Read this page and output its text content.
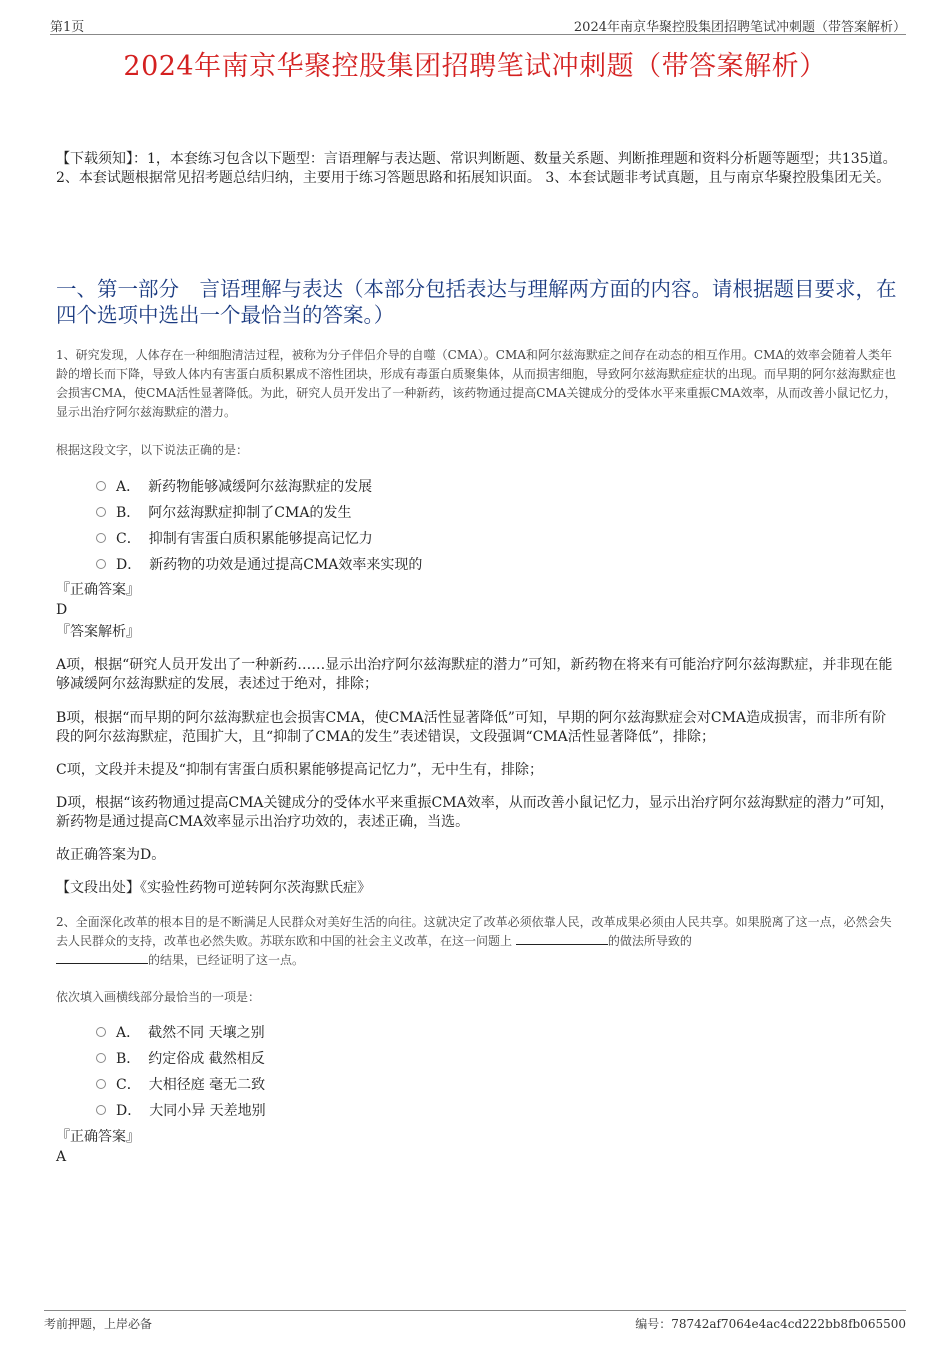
第1页	2024年南京华聚控股集团招聘笔试冲刺题（带答案解析）
2024年南京华聚控股集团招聘笔试冲刺题（带答案解析）
【下载须知】：1，本套练习包含以下题型：言语理解与表达题、常识判断题、数量关系题、判断推理题和资料分析题等题型；共135道。 2、本套试题根据常见招考题总结归纳，主要用于练习答题思路和拓展知识面。 3、本套试题非考试真题，且与南京华聚控股集团无关。
一、第一部分　言语理解与表达（本部分包括表达与理解两方面的内容。请根据题目要求，在四个选项中选出一个最恰当的答案。）
1、研究发现，人体存在一种细胞清洁过程，被称为分子伴侣介导的自噬（CMA）。CMA和阿尔兹海默症之间存在动态的相互作用。CMA的效率会随着人类年龄的增长而下降，导致人体内有害蛋白质积累成不溶性团块，形成有毒蛋白质聚集体，从而损害细胞，导致阿尔兹海默症症状的出现。而早期的阿尔兹海默症也会损害CMA，使CMA活性显著降低。为此，研究人员开发出了一种新药，该药物通过提高CMA关键成分的受体水平来重振CMA效率，从而改善小鼠记忆力，显示出治疗阿尔兹海默症的潜力。
根据这段文字，以下说法正确的是：
A． 新药物能够减缓阿尔兹海默症的发展
B． 阿尔兹海默症抑制了CMA的发生
C． 抑制有害蛋白质积累能够提高记忆力
D． 新药物的功效是通过提高CMA效率来实现的
『正确答案』
D
『答案解析』
A项，根据“研究人员开发出了一种新药……显示出治疗阿尔兹海默症的潜力”可知，新药物在将来有可能治疗阿尔兹海默症，并非现在能够减缓阿尔兹海默症的发展，表述过于绝对，排除；
B项，根据“而早期的阿尔兹海默症也会损害CMA，使CMA活性显著降低”可知，早期的阿尔兹海默症会对CMA造成损害，而非所有阶段的阿尔兹海默症，范围扩大，且“抑制了CMA的发生”表述错误，文段强调“CMA活性显著降低”，排除；
C项，文段并未提及“抑制有害蛋白质积累能够提高记忆力”，无中生有，排除；
D项，根据“该药物通过提高CMA关键成分的受体水平来重振CMA效率，从而改善小鼠记忆力，显示出治疗阿尔兹海默症的潜力”可知，新药物是通过提高CMA效率显示出治疗功效的，表述正确，当选。
故正确答案为D。
【文段出处】《实验性药物可逆转阿尔茨海默氏症》
2、全面深化改革的根本目的是不断满足人民群众对美好生活的向往。这就决定了改革必须依靠人民，改革成果必须由人民共享。如果脱离了这一点，必然会失去人民群众的支持，改革也必然失败。苏联东欧和中国的社会主义改革，在这一问题上	的做法所导致的
的结果，已经证明了这一点。
依次填入画横线部分最恰当的一项是：
A． 截然不同 天壤之别
B． 约定俗成 截然相反
C． 大相径庭 毫无二致
D． 大同小异 天差地别
『正确答案』
A
考前押题，上岸必备	编号：78742af7064e4ac4cd222bb8fb065500
